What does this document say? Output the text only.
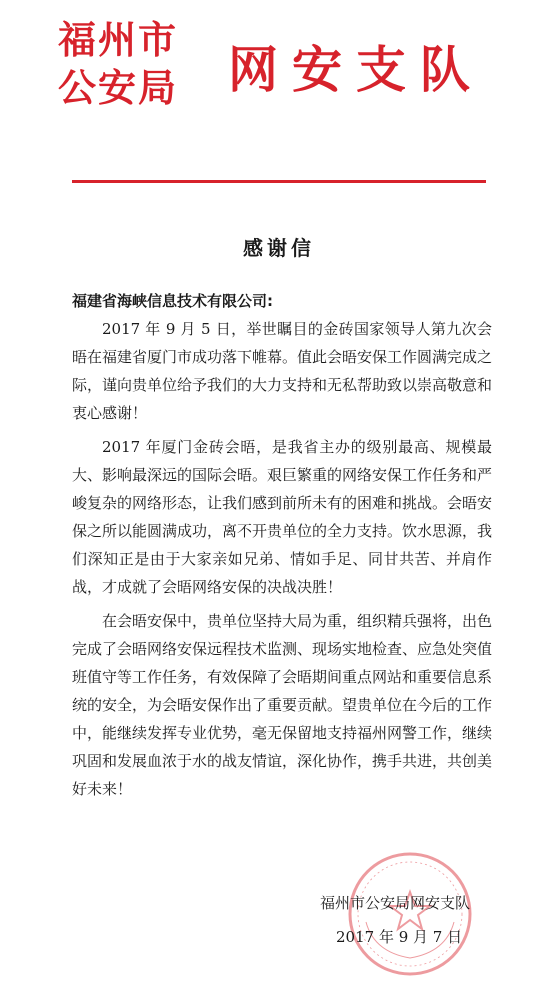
福州市
公安局 网安支队
感谢信

福建省海峡信息技术有限公司:

2017 年 9 月 5 日，举世瞩目的金砖国家领导人第九次会晤在福建省厦门市成功落下帷幕。值此会晤安保工作圆满完成之际，谨向贵单位给予我们的大力支持和无私帮助致以崇高敬意和衷心感谢！

2017 年厦门金砖会晤，是我省主办的级别最高、规模最大、影响最深远的国际会晤。艰巨繁重的网络安保工作任务和严峻复杂的网络形态，让我们感到前所未有的困难和挑战。会晤安保之所以能圆满成功，离不开贵单位的全力支持。饮水思源，我们深知正是由于大家亲如兄弟、情如手足、同甘共苦、并肩作战，才成就了会晤网络安保的决战决胜！

在会晤安保中，贵单位坚持大局为重，组织精兵强将，出色完成了会晤网络安保远程技术监测、现场实地检查、应急处突值班值守等工作任务，有效保障了会晤期间重点网站和重要信息系统的安全，为会晤安保作出了重要贡献。望贵单位在今后的工作中，能继续发挥专业优势，毫无保留地支持福州网警工作，继续巩固和发展血浓于水的战友情谊，深化协作，携手共进，共创美好未来！

福州市公安局网安支队
2017 年 9 月 7 日
